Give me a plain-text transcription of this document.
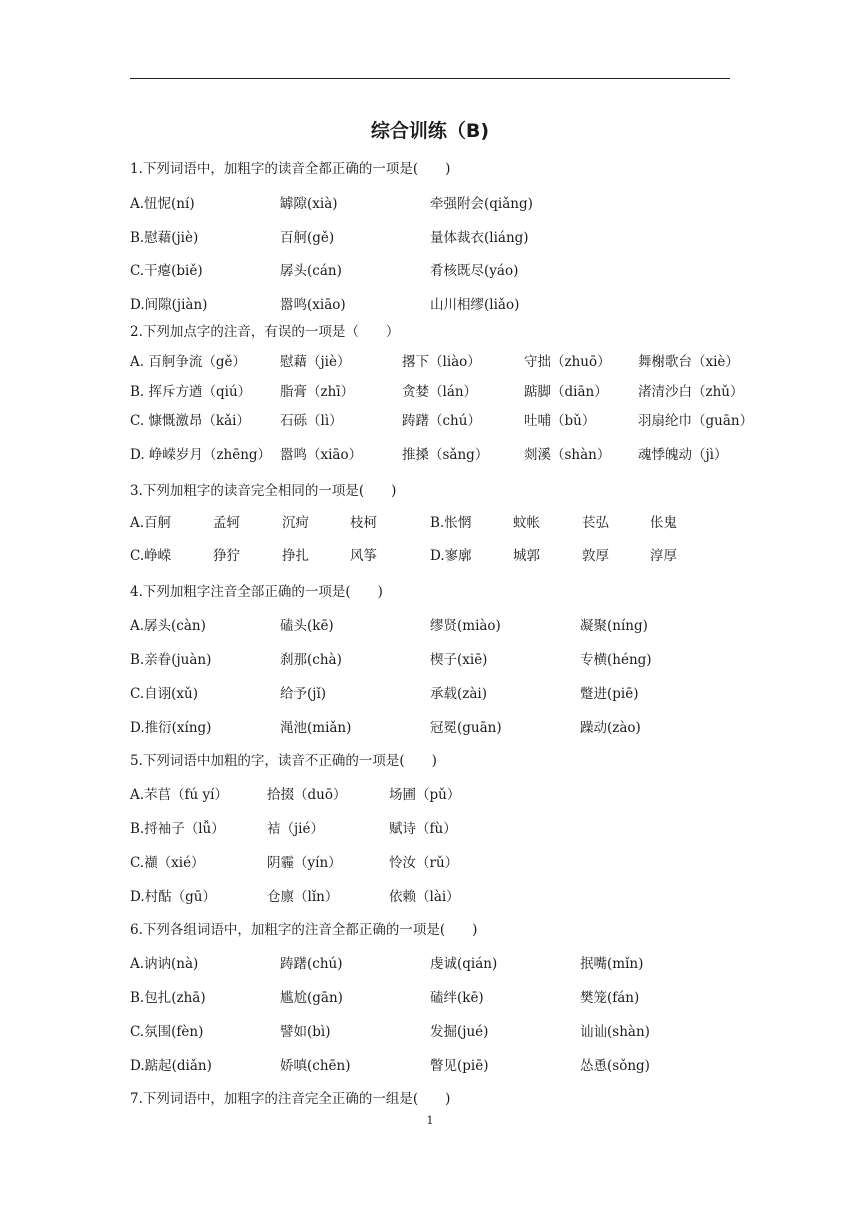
综合训练（B)
1.下列词语中，加粗字的读音全都正确的一项是(　　)
A.忸怩(ní)	罅隙(xià)	牵强附会(qiǎng)
B.慰藉(jiè)	百舸(gě)	量体裁衣(liáng)
C.干瘪(biě)	孱头(cán)	肴核既尽(yáo)
D.间隙(jiàn)	嚣鸣(xiāo)	山川相缪(liǎo)
2.下列加点字的注音，有误的一项是（　　）
A. 百舸争流（gě）	慰藉（jiè）	撂下（liào）	守拙（zhuō） 舞榭歌台（xiè）
B. 挥斥方遒（qiú） 脂膏（zhī）	贪婪（lán）	踮脚（diān） 渚清沙白（zhǔ）
C. 慷慨激昂（kǎi） 石砾（lì）	踌躇（chú）	吐哺（bǔ）	羽扇纶巾（guān）
D. 峥嵘岁月（zhēng） 嚣鸣（xiāo）	推搡（sǎng）	剡溪（shàn） 魂悸魄动（jì）
3.下列加粗字的读音完全相同的一项是(　　)
A.百舸	孟轲	沉疴	枝柯	B.怅惘	蚊帐	苌弘	伥鬼
C.峥嵘	狰狞	挣扎	风筝	D.寥廓	城郭	敦厚	淳厚
4.下列加粗字注音全部正确的一项是(　　)
A.孱头(càn)	磕头(kē)	缪贤(miào)	凝聚(níng)
B.亲眷(juàn)	刹那(chà)	楔子(xiē)	专横(héng)
C.自诩(xǔ)	给予(jǐ)	承载(zài)	蹩进(piē)
D.推衍(xíng)	渑池(miǎn)	冠冕(guān)	躁动(zào)
5.下列词语中加粗的字，读音不正确的一项是(　　)
A.芣苢（fú yí）	拾掇（duō）	场圃（pǔ）
B.捋袖子（lǚ）	袺（jié）	赋诗（fù）
C.襭（xié）	阴霾（yín）	怜汝（rǔ）
D.村酤（gū）	仓廪（lǐn）	依赖（lài）
6.下列各组词语中，加粗字的注音全都正确的一项是(　　)
A.讷讷(nà)	踌躇(chú)	虔诚(qián)	抿嘴(mǐn)
B.包扎(zhā)	尴尬(gān)	磕绊(kē)	樊笼(fán)
C.氛围(fèn)	譬如(bì)	发掘(jué)	讪讪(shàn)
D.踮起(diǎn)	娇嗔(chēn)	瞥见(piē)	怂恿(sǒng)
7.下列词语中，加粗字的注音完全正确的一组是(　　)
1
